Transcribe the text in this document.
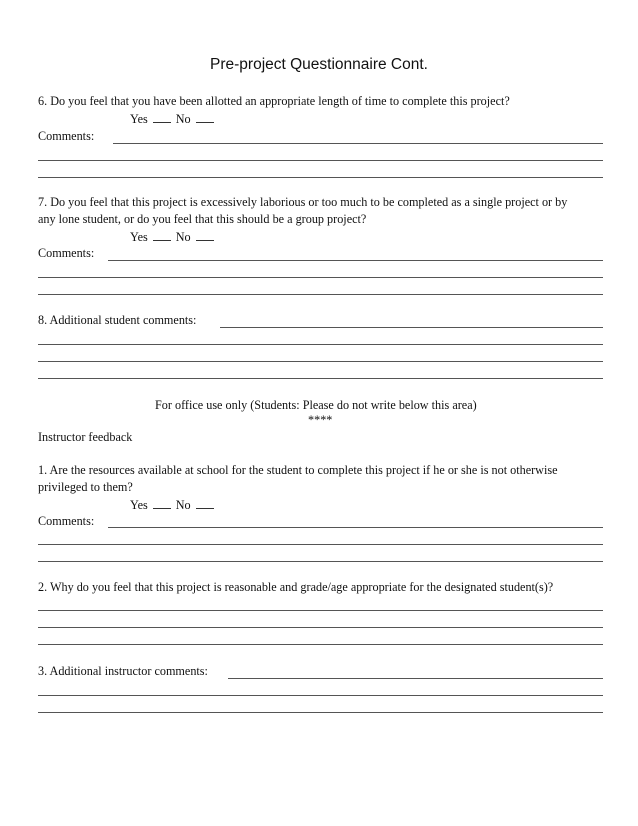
Pre-project Questionnaire Cont.
6. Do you feel that you have been allotted an appropriate length of time to complete this project?
Yes No
Comments:
7. Do you feel that this project is excessively laborious or too much to be completed as a single project or by
any lone student, or do you feel that this should be a group project?
Yes No
Comments:
8. Additional student comments:
For office use only (Students: Please do not write below this area)
****
Instructor feedback
1. Are the resources available at school for the student to complete this project if he or she is not otherwise
privileged to them?
Yes No
Comments:
2. Why do you feel that this project is reasonable and grade/age appropriate for the designated student(s)?
3. Additional instructor comments:
